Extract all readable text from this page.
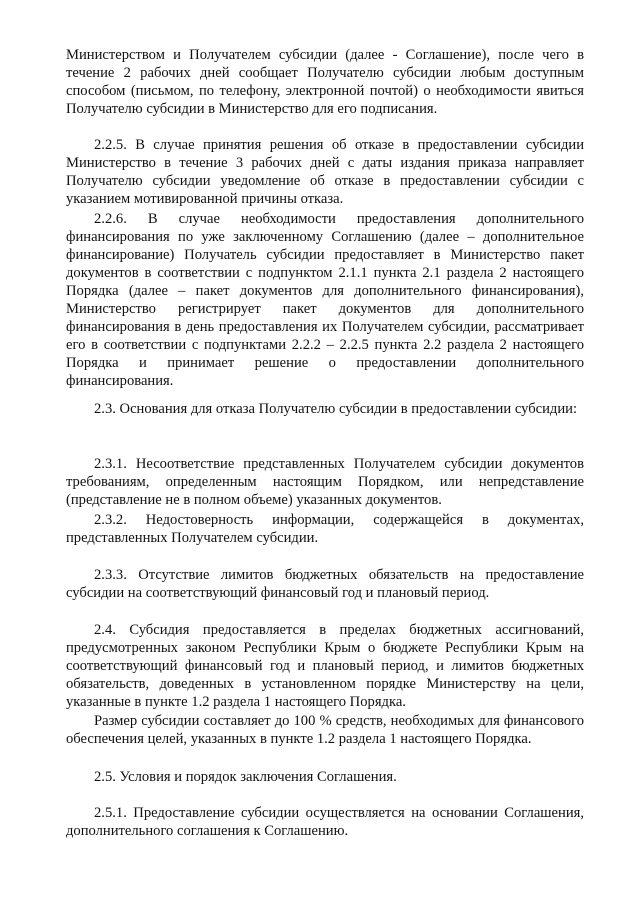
Министерством и Получателем субсидии (далее - Соглашение), после чего в течение 2 рабочих дней сообщает Получателю субсидии любым доступным способом (письмом, по телефону, электронной почтой) о необходимости явиться Получателю субсидии в Министерство для его подписания.

2.2.5. В случае принятия решения об отказе в предоставлении субсидии Министерство в течение 3 рабочих дней с даты издания приказа направляет Получателю субсидии уведомление об отказе в предоставлении субсидии с указанием мотивированной причины отказа.

2.2.6. В случае необходимости предоставления дополнительного финансирования по уже заключенному Соглашению (далее – дополнительное финансирование) Получатель субсидии предоставляет в Министерство пакет документов в соответствии с подпунктом 2.1.1 пункта 2.1 раздела 2 настоящего Порядка (далее – пакет документов для дополнительного финансирования), Министерство регистрирует пакет документов для дополнительного финансирования в день предоставления их Получателем субсидии, рассматривает его в соответствии с подпунктами 2.2.2 – 2.2.5 пункта 2.2 раздела 2 настоящего Порядка и принимает решение о предоставлении дополнительного финансирования.

2.3. Основания для отказа Получателю субсидии в предоставлении субсидии:

2.3.1. Несоответствие представленных Получателем субсидии документов требованиям, определенным настоящим Порядком, или непредставление (представление не в полном объеме) указанных документов.

2.3.2. Недостоверность информации, содержащейся в документах, представленных Получателем субсидии.

2.3.3. Отсутствие лимитов бюджетных обязательств на предоставление субсидии на соответствующий финансовый год и плановый период.

2.4. Субсидия предоставляется в пределах бюджетных ассигнований, предусмотренных законом Республики Крым о бюджете Республики Крым на соответствующий финансовый год и плановый период, и лимитов бюджетных обязательств, доведенных в установленном порядке Министерству на цели, указанные в пункте 1.2 раздела 1 настоящего Порядка.

Размер субсидии составляет до 100 % средств, необходимых для финансового обеспечения целей, указанных в пункте 1.2 раздела 1 настоящего Порядка.

2.5. Условия и порядок заключения Соглашения.

2.5.1. Предоставление субсидии осуществляется на основании Соглашения, дополнительного соглашения к Соглашению.
